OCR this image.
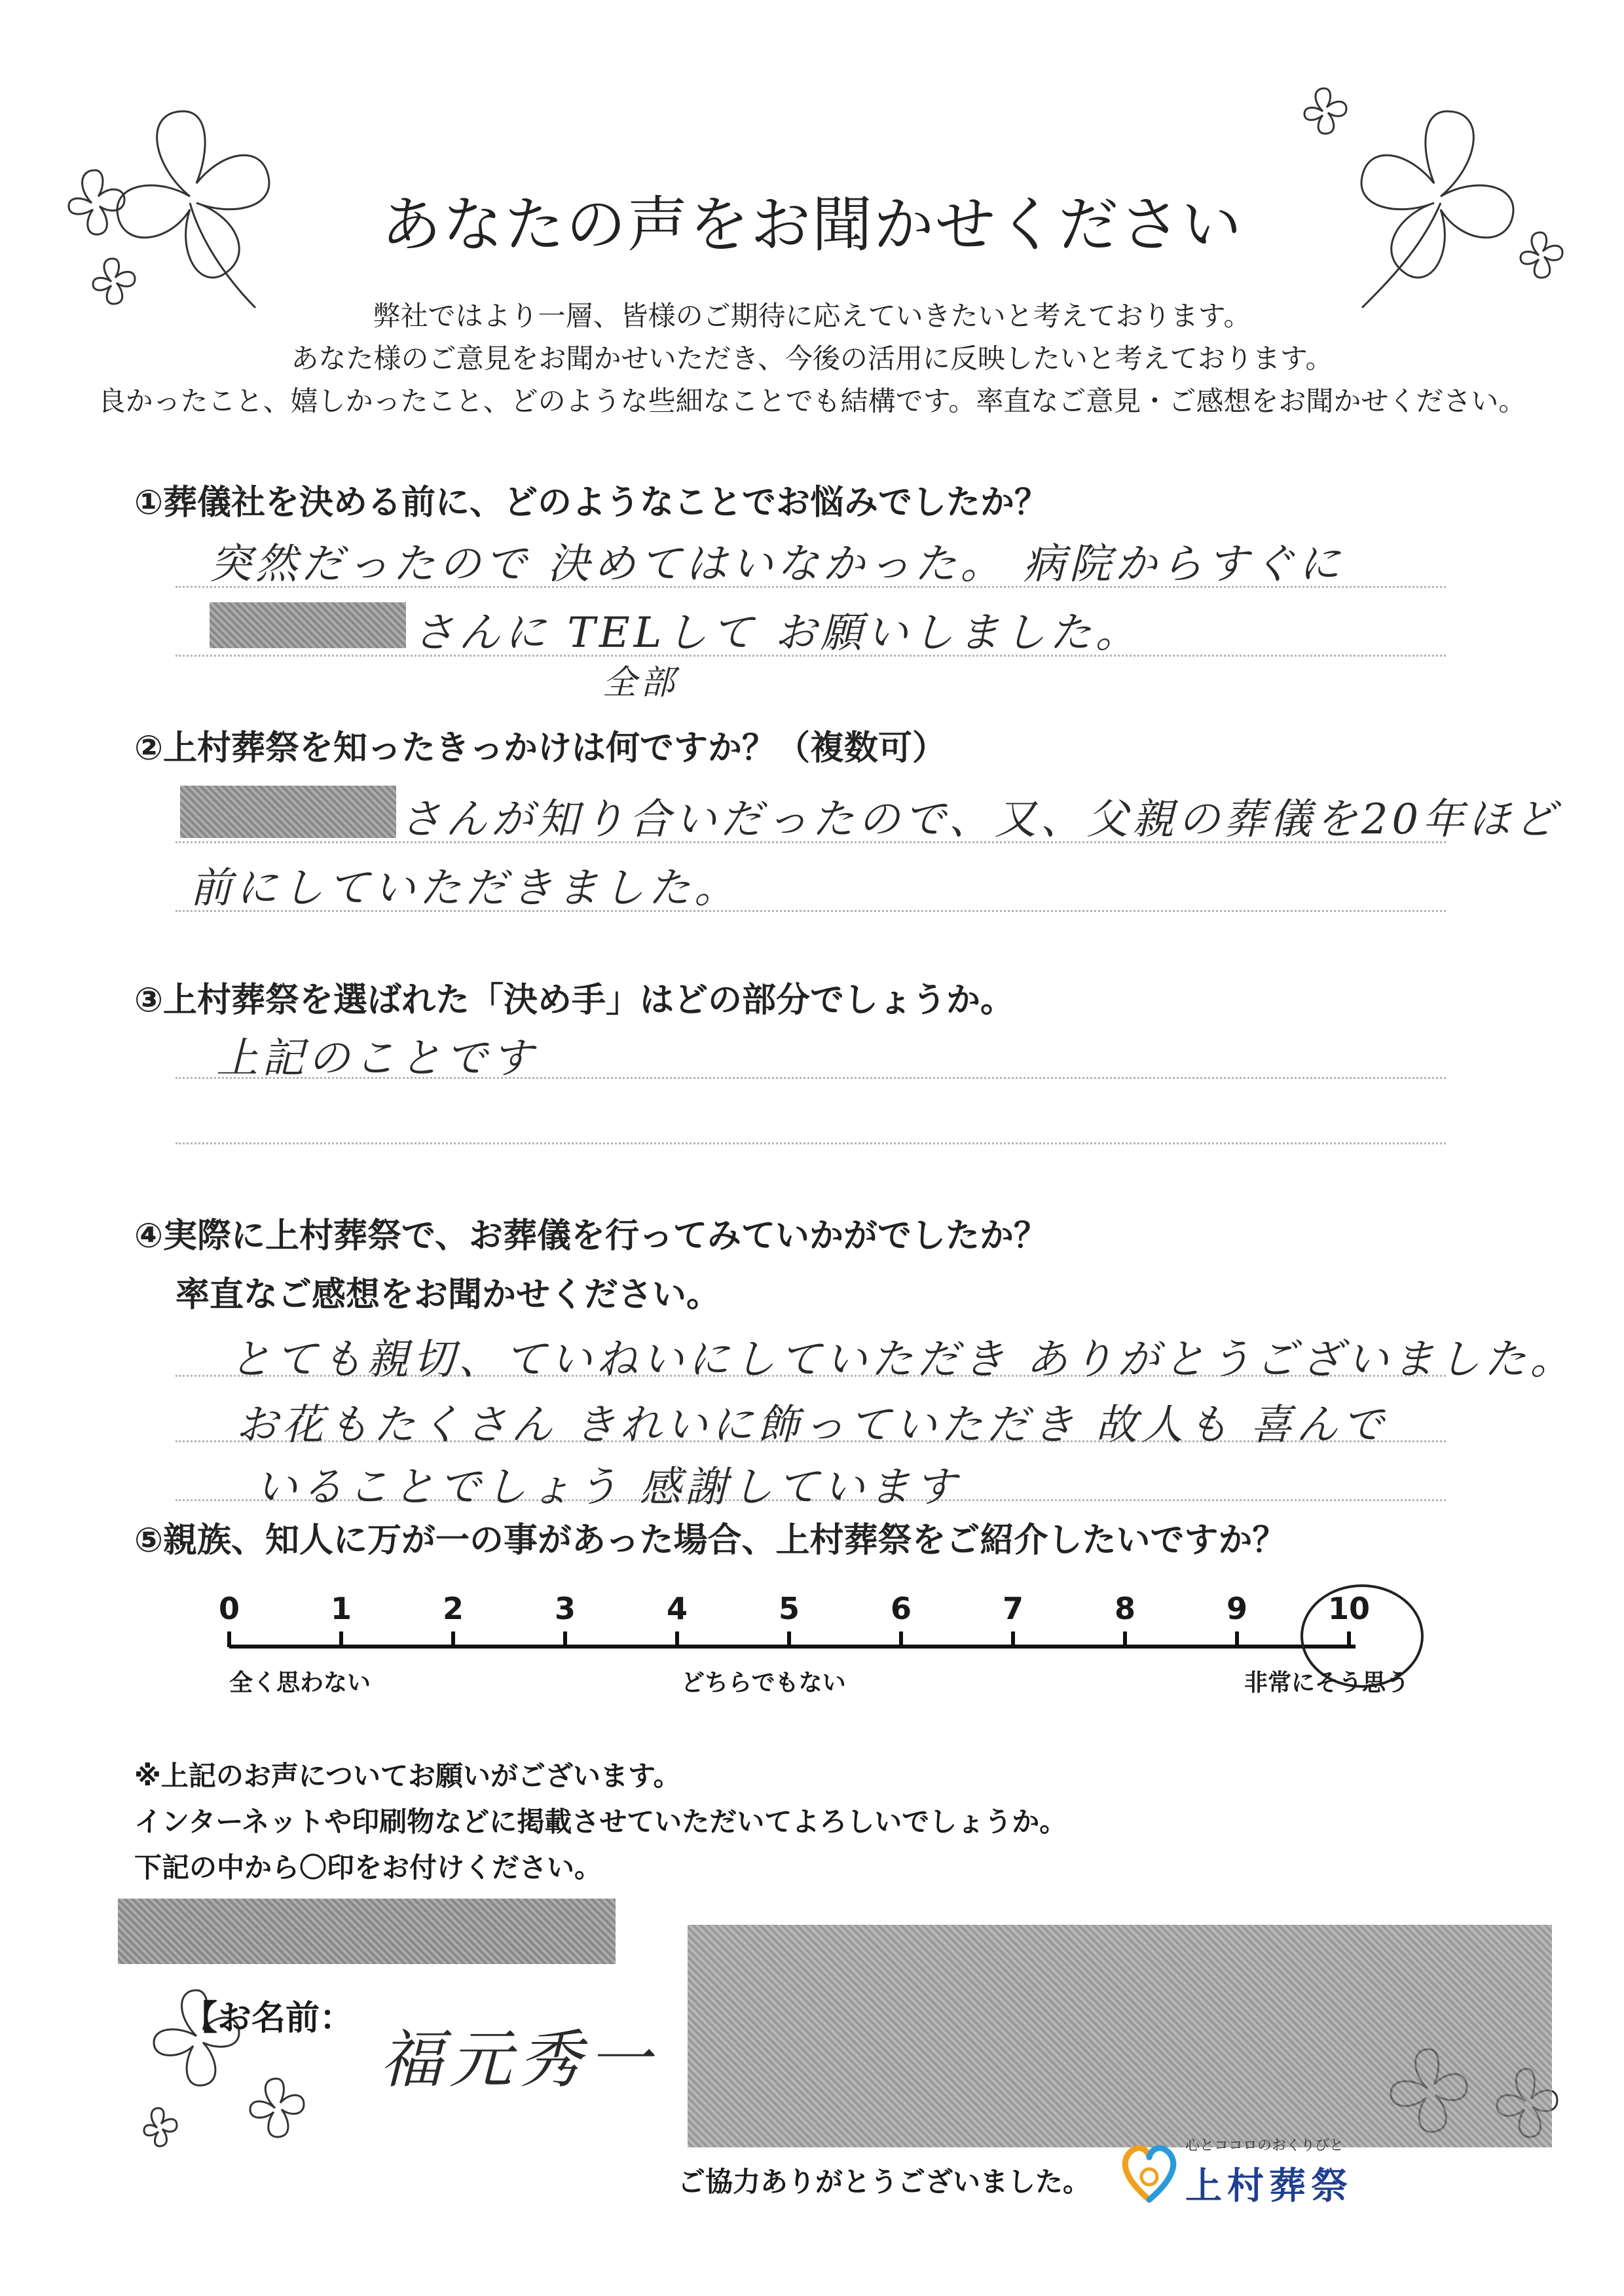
あなたの声をお聞かせください
弊社ではより一層、皆様のご期待に応えていきたいと考えております。
あなた様のご意見をお聞かせいただき、今後の活用に反映したいと考えております。
良かったこと、嬉しかったこと、どのような些細なことでも結構です。率直なご意見・ご感想をお聞かせください。
①葬儀社を決める前に、どのようなことでお悩みでしたか？
突然だったので 決めてはいなかった。 病院からすぐに
さんに TELして お願いしました。
全部
②上村葬祭を知ったきっかけは何ですか？（複数可）
さんが知り合いだったので、又、父親の葬儀を20年ほど
前にしていただきました。
③上村葬祭を選ばれた「決め手」はどの部分でしょうか。
上記のことです
④実際に上村葬祭で、お葬儀を行ってみていかがでしたか？
率直なご感想をお聞かせください。
とても親切、ていねいにしていただき ありがとうございました。
お花もたくさん きれいに飾っていただき 故人も 喜んで
いることでしょう 感謝しています
⑤親族、知人に万が一の事があった場合、上村葬祭をご紹介したいですか？
0	1	2	3	4	5	6	7	8	9	10
全く思わない	どちらでもない	非常にそう思う
※上記のお声についてお願いがございます。
インターネットや印刷物などに掲載させていただいてよろしいでしょうか。
下記の中から〇印をお付けください。
【お名前：
福元秀一
ご協力ありがとうございました。
心とココロのおくりびと
上村葬祭
